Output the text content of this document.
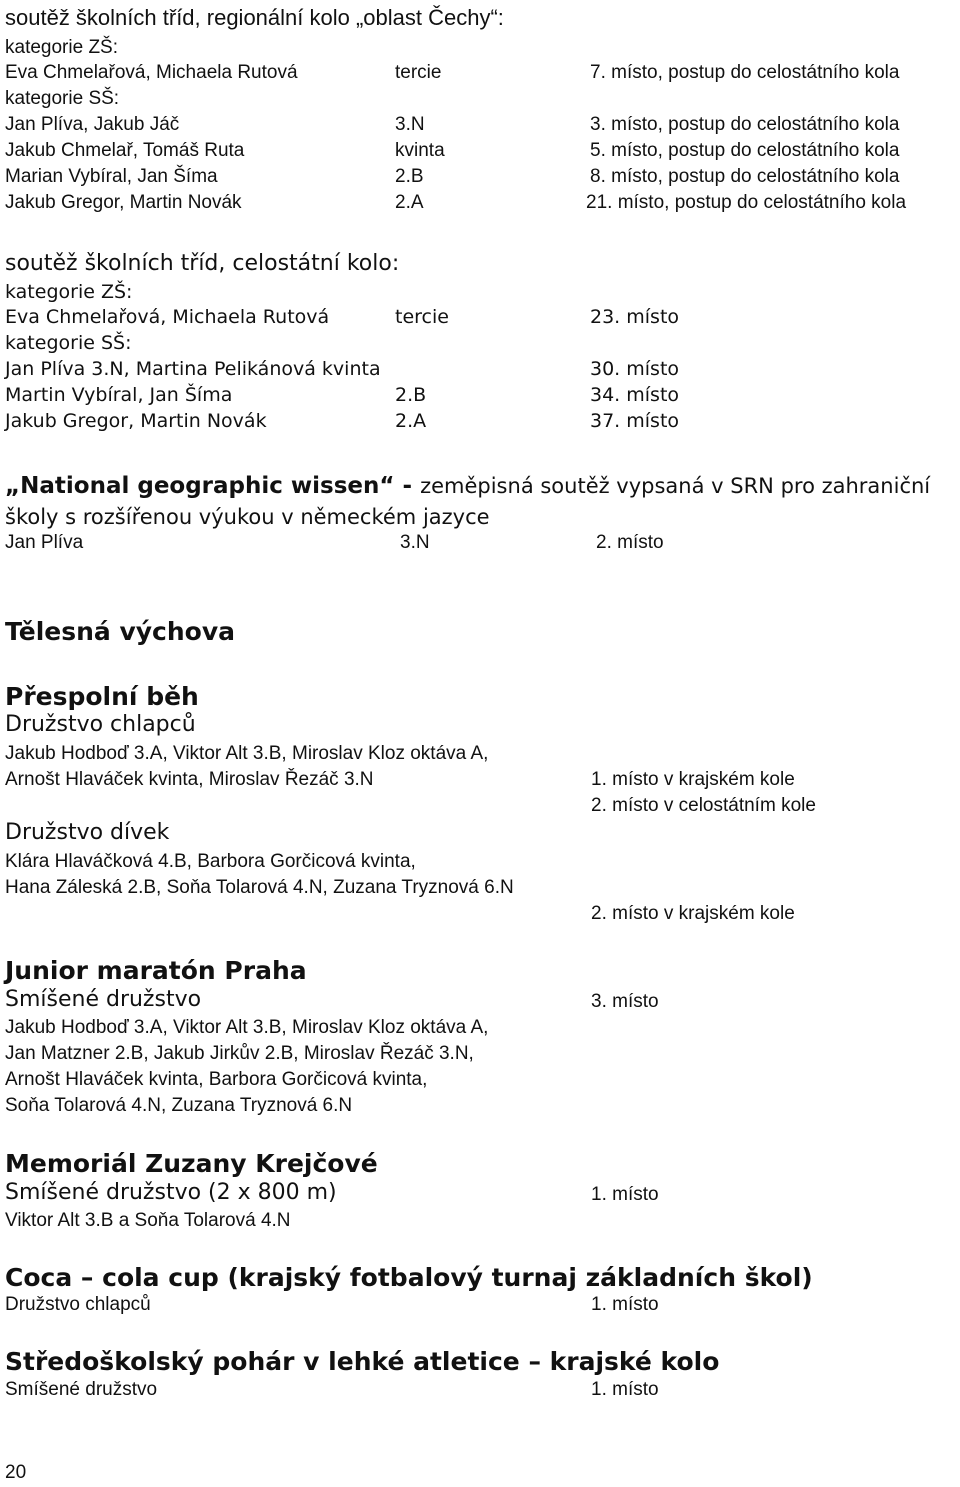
soutěž školních tříd, regionální kolo „oblast Čechy“:
kategorie ZŠ:
Eva Chmelařová, Michaela Rutová	tercie	7. místo, postup do celostátního kola
kategorie SŠ:
Jan Plíva, Jakub Jáč	3.N	3. místo, postup do celostátního kola
Jakub Chmelař, Tomáš Ruta	kvinta	5. místo, postup do celostátního kola
Marian Vybíral, Jan Šíma	2.B	8. místo, postup do celostátního kola
Jakub Gregor, Martin Novák	2.A	21. místo, postup do celostátního kola
soutěž školních tříd, celostátní kolo:
kategorie ZŠ:
Eva Chmelařová, Michaela Rutová	tercie	23. místo
kategorie SŠ:
Jan Plíva 3.N, Martina Pelikánová kvinta	30. místo
Martin Vybíral, Jan Šíma	2.B	34. místo
Jakub Gregor, Martin Novák	2.A	37. místo
„National geographic wissen“ - zeměpisná soutěž vypsaná v SRN pro zahraniční
školy s rozšířenou výukou v německém jazyce
Jan Plíva	3.N	2. místo
Tělesná výchova
Přespolní běh
Družstvo chlapců
Jakub Hodboď 3.A, Viktor Alt 3.B, Miroslav Kloz oktáva A,
Arnošt Hlaváček kvinta, Miroslav Řezáč 3.N	1. místo v krajském kole
2. místo v celostátním kole
Družstvo dívek
Klára Hlaváčková 4.B, Barbora Gorčicová kvinta,
Hana Záleská 2.B, Soňa Tolarová 4.N, Zuzana Tryznová 6.N
2. místo v krajském kole
Junior maratón Praha
Smíšené družstvo	3. místo
Jakub Hodboď 3.A, Viktor Alt 3.B, Miroslav Kloz oktáva A,
Jan Matzner 2.B, Jakub Jirkův 2.B, Miroslav Řezáč 3.N,
Arnošt Hlaváček kvinta, Barbora Gorčicová kvinta,
Soňa Tolarová 4.N, Zuzana Tryznová 6.N
Memoriál Zuzany Krejčové
Smíšené družstvo (2 x 800 m)	1. místo
Viktor Alt 3.B a Soňa Tolarová 4.N
Coca – cola cup (krajský fotbalový turnaj základních škol)
Družstvo chlapců	1. místo
Středoškolský pohár v lehké atletice – krajské kolo
Smíšené družstvo	1. místo
20
